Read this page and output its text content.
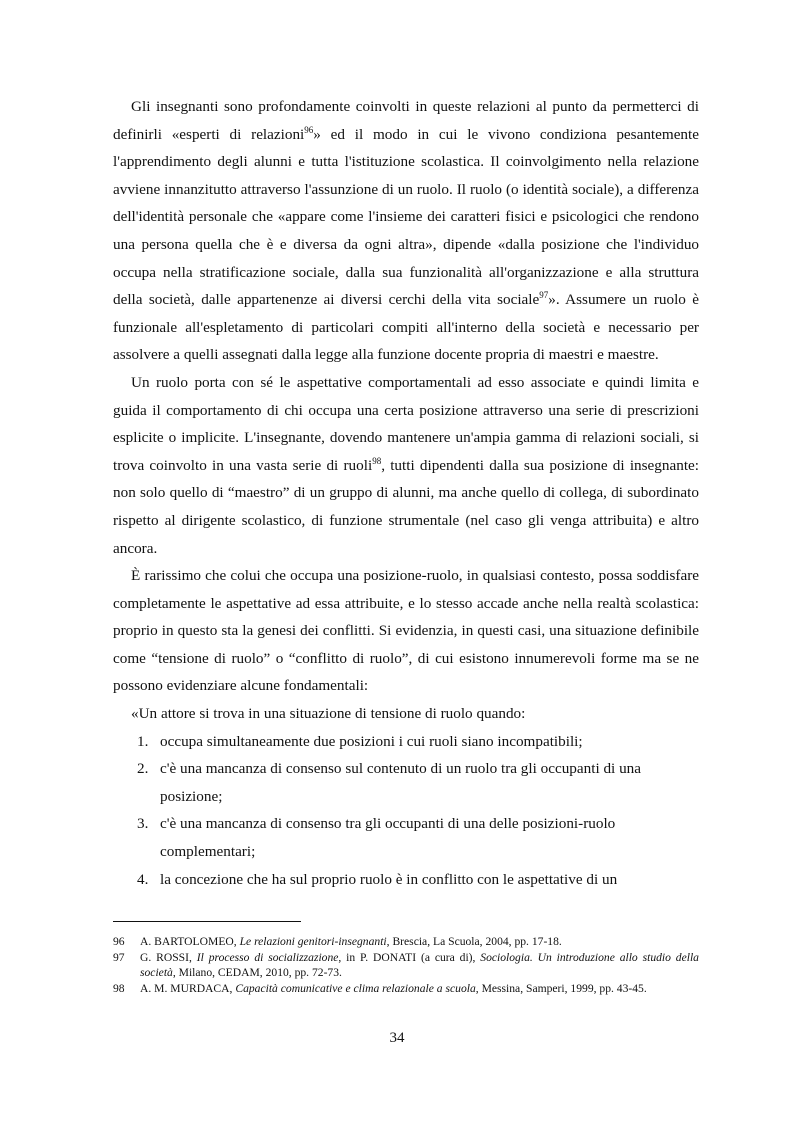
Gli insegnanti sono profondamente coinvolti in queste relazioni al punto da permetterci di definirli «esperti di relazioni$^{96}$» ed il modo in cui le vivono condiziona pesantemente l'apprendimento degli alunni e tutta l'istituzione scolastica. Il coinvolgimento nella relazione avviene innanzitutto attraverso l'assunzione di un ruolo. Il ruolo (o identità sociale), a differenza dell'identità personale che «appare come l'insieme dei caratteri fisici e psicologici che rendono una persona quella che è e diversa da ogni altra», dipende «dalla posizione che l'individuo occupa nella stratificazione sociale, dalla sua funzionalità all'organizzazione e alla struttura della società, dalle appartenenze ai diversi cerchi della vita sociale$^{97}$». Assumere un ruolo è funzionale all'espletamento di particolari compiti all'interno della società e necessario per assolvere a quelli assegnati dalla legge alla funzione docente propria di maestri e maestre.

Un ruolo porta con sé le aspettative comportamentali ad esso associate e quindi limita e guida il comportamento di chi occupa una certa posizione attraverso una serie di prescrizioni esplicite o implicite. L'insegnante, dovendo mantenere un'ampia gamma di relazioni sociali, si trova coinvolto in una vasta serie di ruoli$^{98}$, tutti dipendenti dalla sua posizione di insegnante: non solo quello di “maestro” di un gruppo di alunni, ma anche quello di collega, di subordinato rispetto al dirigente scolastico, di funzione strumentale (nel caso gli venga attribuita) e altro ancora.

È rarissimo che colui che occupa una posizione-ruolo, in qualsiasi contesto, possa soddisfare completamente le aspettative ad essa attribuite, e lo stesso accade anche nella realtà scolastica: proprio in questo sta la genesi dei conflitti. Si evidenzia, in questi casi, una situazione definibile come “tensione di ruolo” o “conflitto di ruolo”, di cui esistono innumerevoli forme ma se ne possono evidenziare alcune fondamentali:

«Un attore si trova in una situazione di tensione di ruolo quando:

1. occupa simultaneamente due posizioni i cui ruoli siano incompatibili;
2. c'è una mancanza di consenso sul contenuto di un ruolo tra gli occupanti di una posizione;
3. c'è una mancanza di consenso tra gli occupanti di una delle posizioni-ruolo complementari;
4. la concezione che ha sul proprio ruolo è in conflitto con le aspettative di un
96 A. BARTOLOMEO, Le relazioni genitori-insegnanti, Brescia, La Scuola, 2004, pp. 17-18.
97 G. ROSSI, Il processo di socializzazione, in P. DONATI (a cura di), Sociologia. Un introduzione allo studio della società, Milano, CEDAM, 2010, pp. 72-73.
98 A. M. MURDACA, Capacità comunicative e clima relazionale a scuola, Messina, Samperi, 1999, pp. 43-45.
34
